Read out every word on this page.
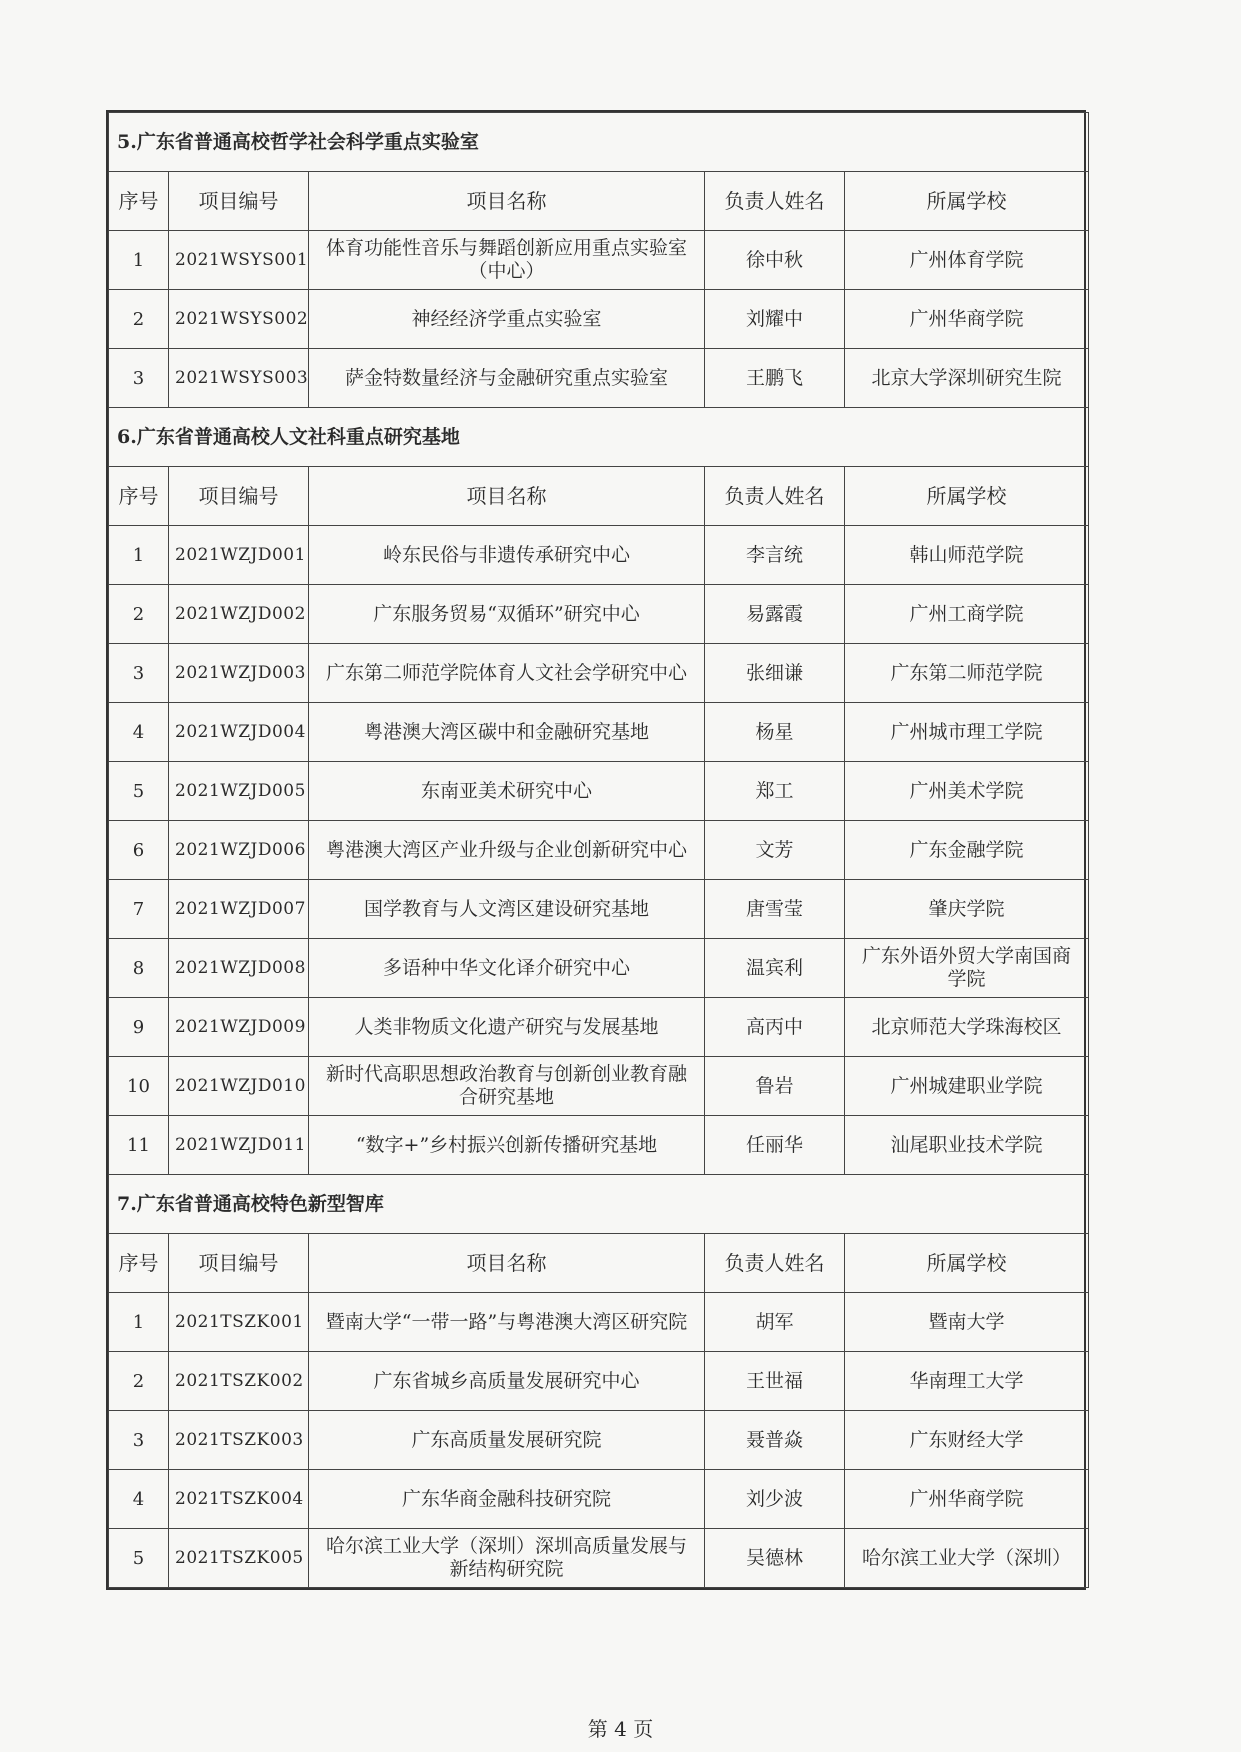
5.广东省普通高校哲学社会科学重点实验室				
序号	项目编号	项目名称	负责人姓名	所属学校
1	2021WSYS001	体育功能性音乐与舞蹈创新应用重点实验室（中心）	徐中秋	广州体育学院
2	2021WSYS002	神经经济学重点实验室	刘耀中	广州华商学院
3	2021WSYS003	萨金特数量经济与金融研究重点实验室	王鹏飞	北京大学深圳研究生院
6.广东省普通高校人文社科重点研究基地				
序号	项目编号	项目名称	负责人姓名	所属学校
1	2021WZJD001	岭东民俗与非遗传承研究中心	李言统	韩山师范学院
2	2021WZJD002	广东服务贸易“双循环”研究中心	易露霞	广州工商学院
3	2021WZJD003	广东第二师范学院体育人文社会学研究中心	张细谦	广东第二师范学院
4	2021WZJD004	粤港澳大湾区碳中和金融研究基地	杨星	广州城市理工学院
5	2021WZJD005	东南亚美术研究中心	郑工	广州美术学院
6	2021WZJD006	粤港澳大湾区产业升级与企业创新研究中心	文芳	广东金融学院
7	2021WZJD007	国学教育与人文湾区建设研究基地	唐雪莹	肇庆学院
8	2021WZJD008	多语种中华文化译介研究中心	温宾利	广东外语外贸大学南国商学院
9	2021WZJD009	人类非物质文化遗产研究与发展基地	高丙中	北京师范大学珠海校区
10	2021WZJD010	新时代高职思想政治教育与创新创业教育融合研究基地	鲁岩	广州城建职业学院
11	2021WZJD011	“数字+”乡村振兴创新传播研究基地	任丽华	汕尾职业技术学院
7.广东省普通高校特色新型智库				
序号	项目编号	项目名称	负责人姓名	所属学校
1	2021TSZK001	暨南大学“一带一路”与粤港澳大湾区研究院	胡军	暨南大学
2	2021TSZK002	广东省城乡高质量发展研究中心	王世福	华南理工大学
3	2021TSZK003	广东高质量发展研究院	聂普焱	广东财经大学
4	2021TSZK004	广东华商金融科技研究院	刘少波	广州华商学院
5	2021TSZK005	哈尔滨工业大学（深圳）深圳高质量发展与新结构研究院	吴德林	哈尔滨工业大学（深圳）
第 4 页
